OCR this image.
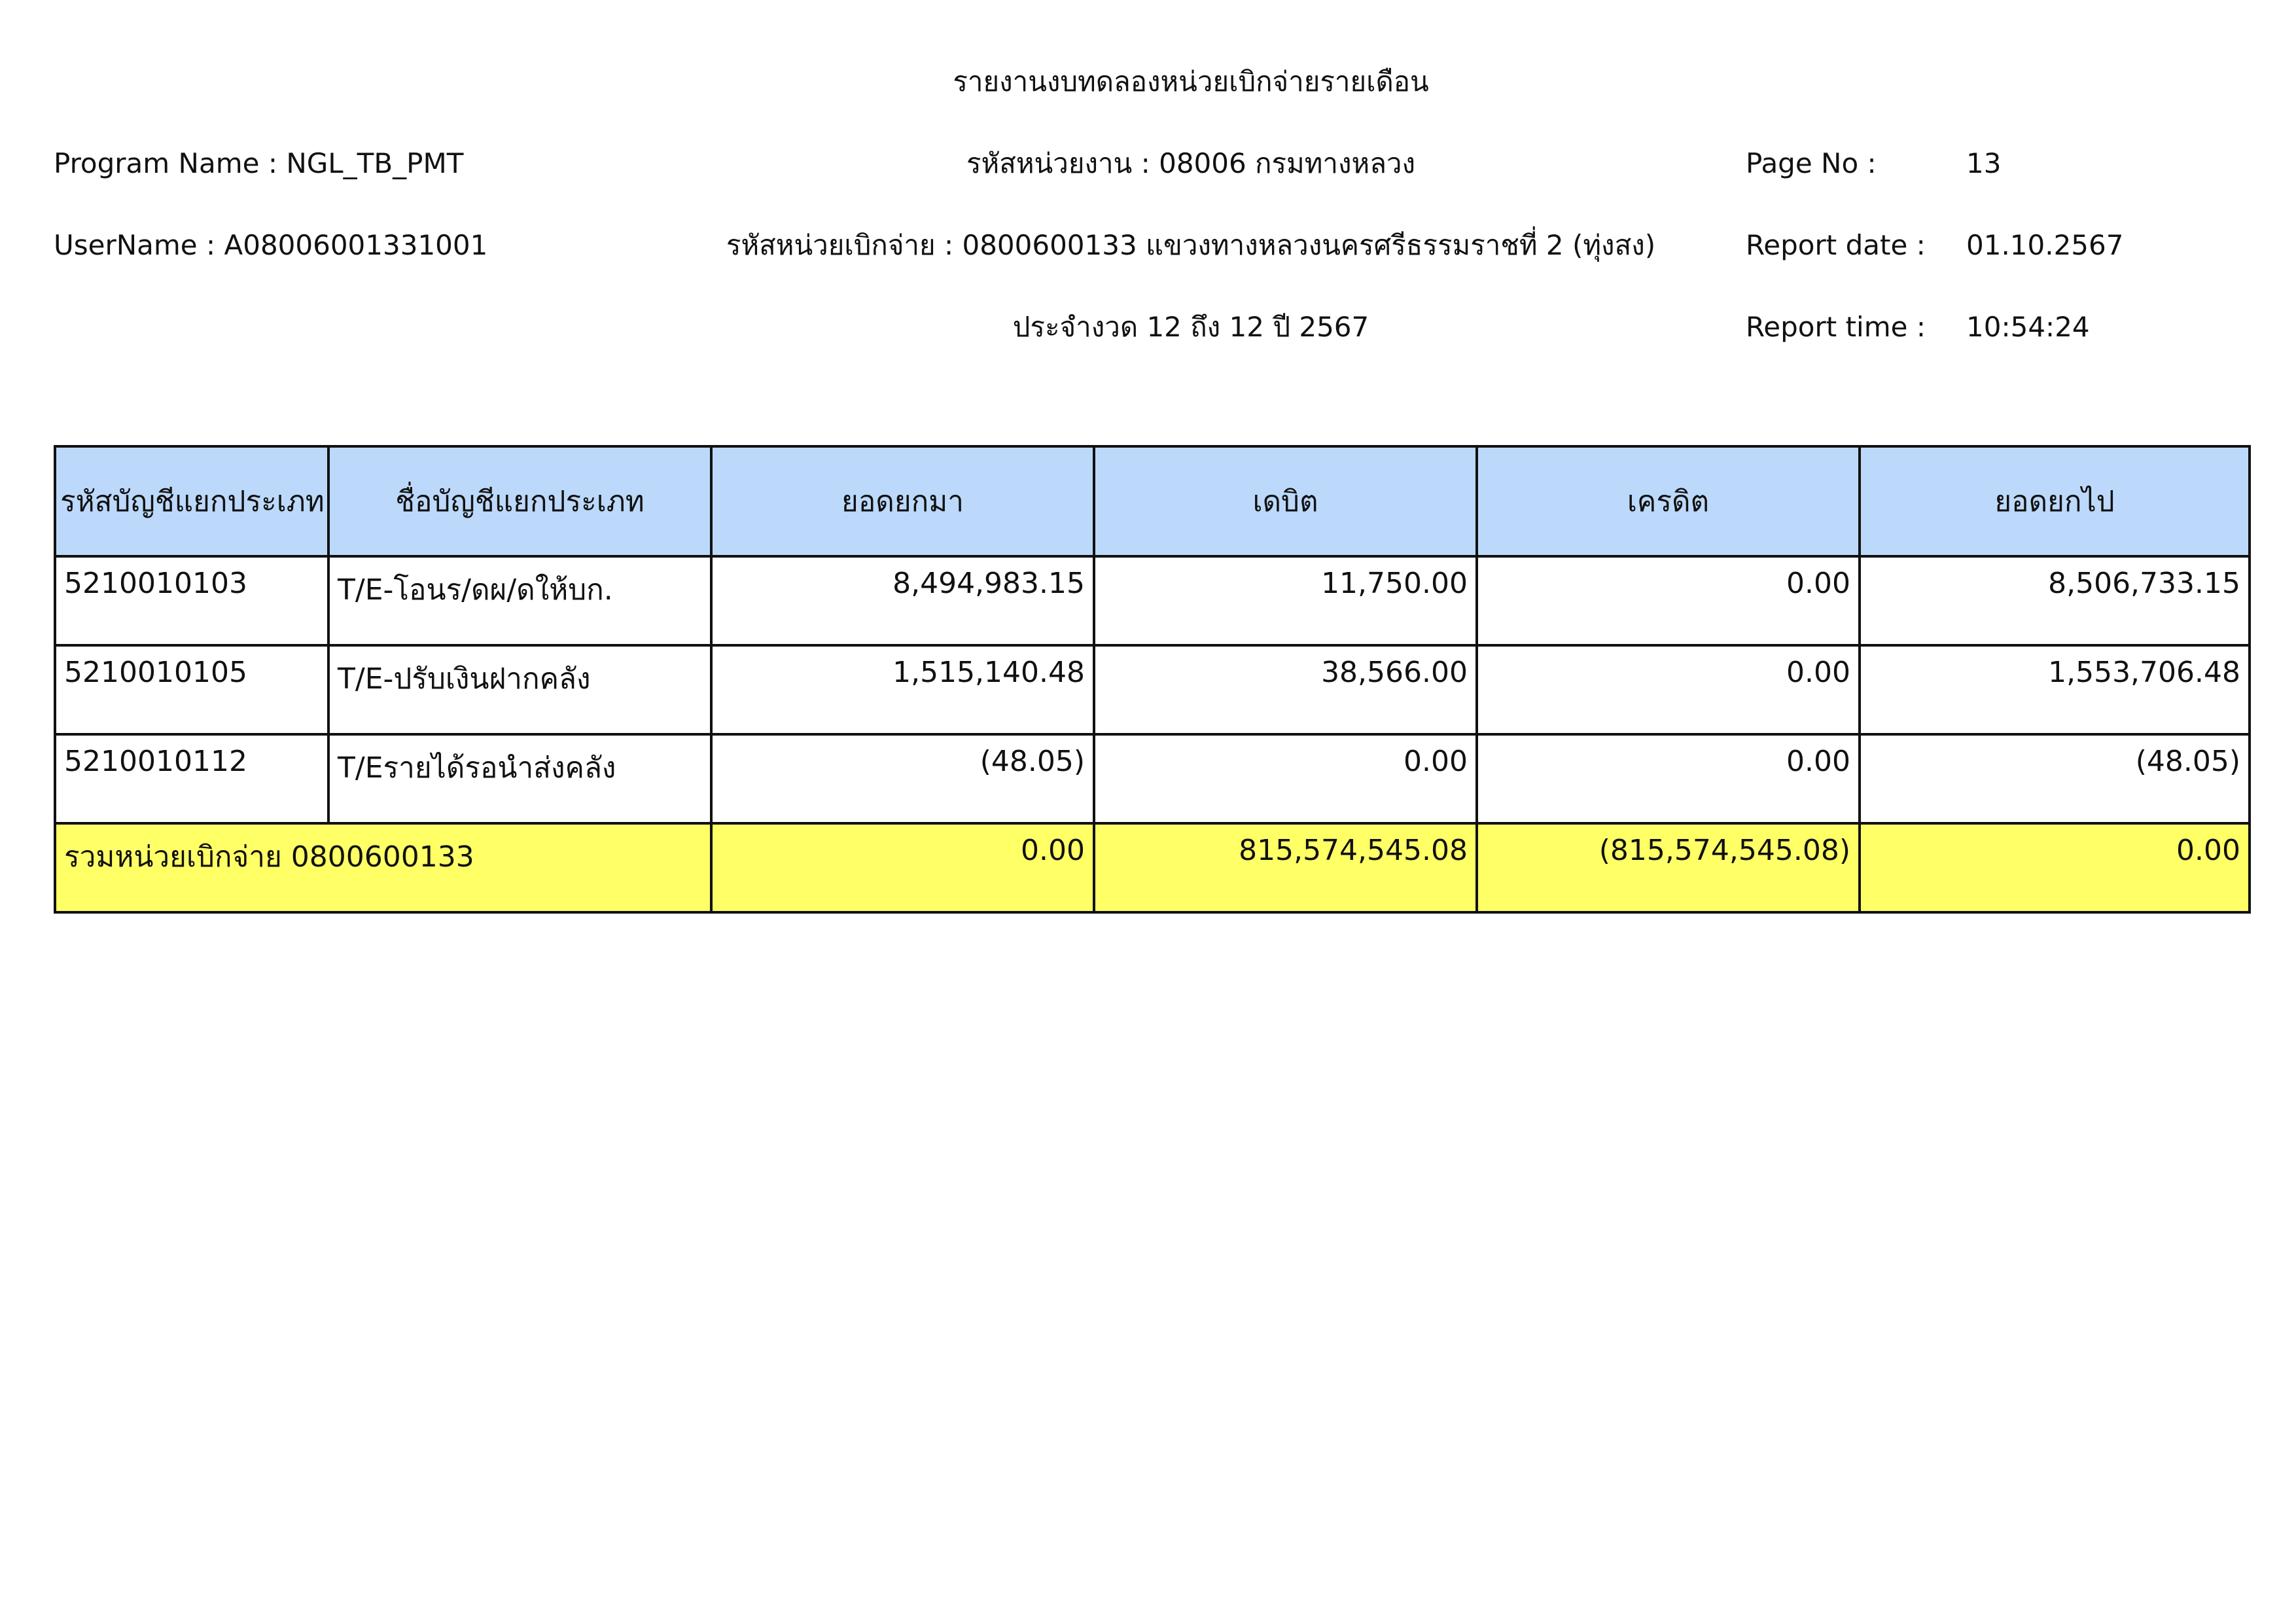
รายงานงบทดลองหน่วยเบิกจ่ายรายเดือน
Program Name : NGL_TB_PMT	รหัสหน่วยงาน : 08006 กรมทางหลวง	Page No :	13
UserName : A08006001331001	รหัสหน่วยเบิกจ่าย : 0800600133 แขวงทางหลวงนครศรีธรรมราชที่ 2 (ทุ่งสง)	Report date : 01.10.2567
ประจำงวด 12 ถึง 12 ปี 2567	Report time : 10:54:24
รหัสบัญชีแยกประเภท	ชื่อบัญชีแยกประเภท	ยอดยกมา	เดบิต	เครดิต	ยอดยกไป
5210010103	T/E-โอนร/ดผ/ดให้บก.	8,494,983.15	11,750.00	0.00	8,506,733.15
5210010105	T/E-ปรับเงินฝากคลัง	1,515,140.48	38,566.00	0.00	1,553,706.48
5210010112	T/Eรายได้รอนำส่งคลัง	(48.05)	0.00	0.00	(48.05)
รวมหน่วยเบิกจ่าย 0800600133		0.00	815,574,545.08	(815,574,545.08)	0.00
